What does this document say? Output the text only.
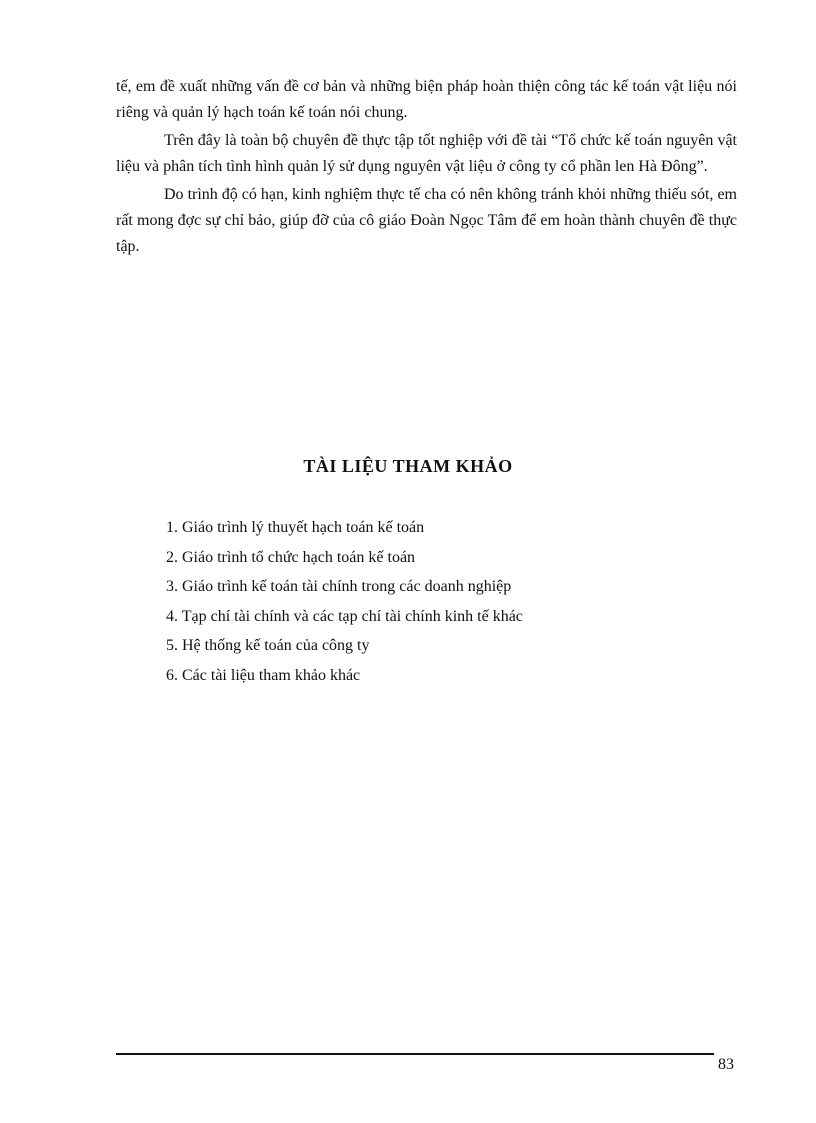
tế, em đề xuất những vấn đề cơ bản và những biện pháp hoàn thiện công tác kế toán vật liệu nói riêng và quản lý hạch toán kế toán nói chung.

Trên đây là toàn bộ chuyên đề thực tập tốt nghiệp với đề tài “Tổ chức kế toán nguyên vật liệu và phân tích tình hình quản lý sử dụng nguyên vật liệu ở công ty cổ phần len Hà Đông”.

Do trình độ có hạn, kinh nghiệm thực tế cha có nên không tránh khỏi những thiếu sót, em rất mong đợc sự chỉ bảo, giúp đỡ của cô giáo Đoàn Ngọc Tâm để em hoàn thành chuyên đề thực tập.

TÀI LIỆU THAM KHẢO
1. Giáo trình lý thuyết hạch toán kế toán
2. Giáo trình tổ chức hạch toán kế toán
3. Giáo trình kế toán tài chính trong các doanh nghiệp
4. Tạp chí tài chính và các tạp chí tài chính kinh tế khác
5. Hệ thống kế toán của công ty
6. Các tài liệu tham khảo khác
83
